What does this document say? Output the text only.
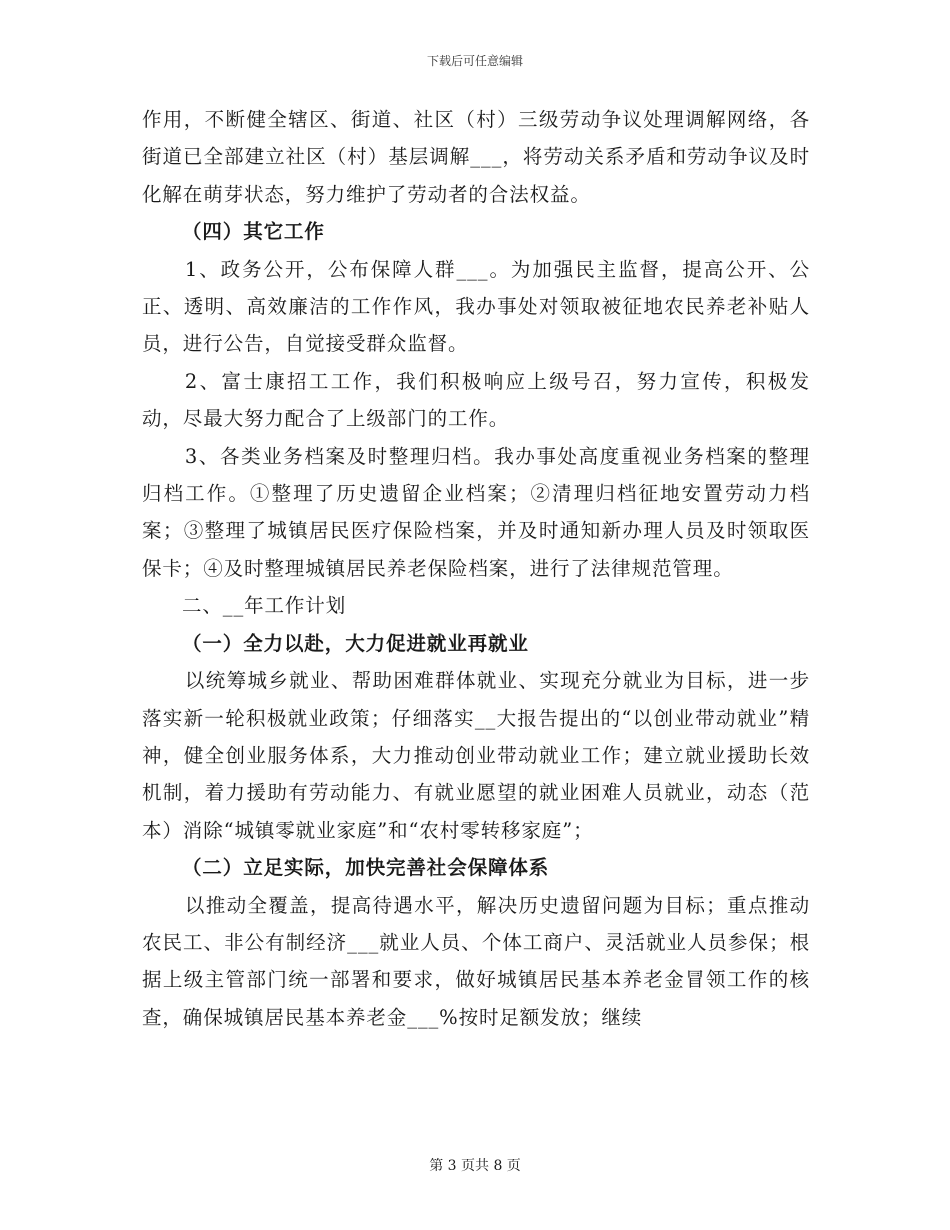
下载后可任意编辑

作用，不断健全辖区、街道、社区（村）三级劳动争议处理调解网络，各街道已全部建立社区（村）基层调解___，将劳动关系矛盾和劳动争议及时化解在萌芽状态，努力维护了劳动者的合法权益。

（四）其它工作

1、政务公开，公布保障人群___。为加强民主监督，提高公开、公正、透明、高效廉洁的工作作风，我办事处对领取被征地农民养老补贴人员，进行公告，自觉接受群众监督。

2、富士康招工工作，我们积极响应上级号召，努力宣传，积极发动，尽最大努力配合了上级部门的工作。

3、各类业务档案及时整理归档。我办事处高度重视业务档案的整理归档工作。①整理了历史遗留企业档案；②清理归档征地安置劳动力档案；③整理了城镇居民医疗保险档案，并及时通知新办理人员及时领取医保卡；④及时整理城镇居民养老保险档案，进行了法律规范管理。

二、__年工作计划

（一）全力以赴，大力促进就业再就业

以统筹城乡就业、帮助困难群体就业、实现充分就业为目标，进一步落实新一轮积极就业政策；仔细落实__大报告提出的“以创业带动就业”精神，健全创业服务体系，大力推动创业带动就业工作；建立就业援助长效机制，着力援助有劳动能力、有就业愿望的就业困难人员就业，动态（范本）消除“城镇零就业家庭”和“农村零转移家庭”；

（二）立足实际，加快完善社会保障体系

以推动全覆盖，提高待遇水平，解决历史遗留问题为目标；重点推动农民工、非公有制经济___就业人员、个体工商户、灵活就业人员参保；根据上级主管部门统一部署和要求，做好城镇居民基本养老金冒领工作的核查，确保城镇居民基本养老金___%按时足额发放；继续

第 3 页共 8 页
